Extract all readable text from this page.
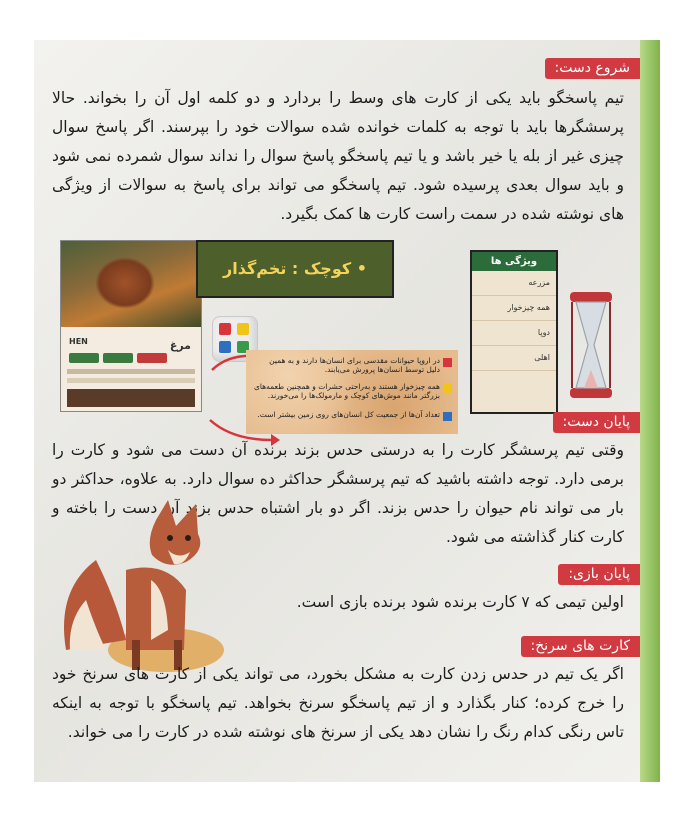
شروع دست:
تیم پاسخگو باید یکی از کارت های وسط را بردارد و دو کلمه اول آن را بخواند. حالا پرسشگرها باید با توجه به کلمات خوانده شده سوالات خود را بپرسند. اگر پاسخ سوال چیزی غیر از بله یا خیر باشد و یا تیم پاسخگو پاسخ سوال را نداند سوال شمرده نمی شود و باید سوال بعدی پرسیده شود. تیم پاسخگو می تواند برای پاسخ به سوالات از ویژگی های نوشته شده در سمت راست کارت ها کمک بگیرد.
HEN	مرغ
• کوچک : تخم‌گذار
در اروپا حیوانات مقدسی برای انسان‌ها دارند و به همین دلیل توسط انسان‌ها پرورش می‌یابند.
همه چیزخوار هستند و به‌راحتی حشرات و همچنین طعمه‌های بزرگتر مانند موش‌های کوچک و مارمولک‌ها را می‌خورند.
تعداد آن‌ها از جمعیت کل انسان‌های روی زمین بیشتر است.
ویژگی ها
مزرعه
همه چیزخوار
دوپا
اهلی
پایان دست:
وقتی تیم پرسشگر کارت را به درستی حدس بزند برنده آن دست می شود و کارت را برمی دارد. توجه داشته باشید که تیم پرسشگر حداکثر ده سوال دارد. به علاوه، حداکثر دو بار می تواند نام حیوان را حدس بزند. اگر دو بار اشتباه حدس بزند آن دست را باخته و کارت کنار گذاشته می شود.
پایان بازی:
اولین تیمی که ۷ کارت برنده شود برنده بازی است.
کارت های سرنخ:
اگر یک تیم در حدس زدن کارت به مشکل بخورد، می تواند یکی از کارت های سرنخ خود را خرج کرده؛ کنار بگذارد و از تیم پاسخگو سرنخ بخواهد. تیم پاسخگو با توجه به اینکه تاس رنگی کدام رنگ را نشان دهد یکی از سرنخ های نوشته شده در کارت را می خواند.
